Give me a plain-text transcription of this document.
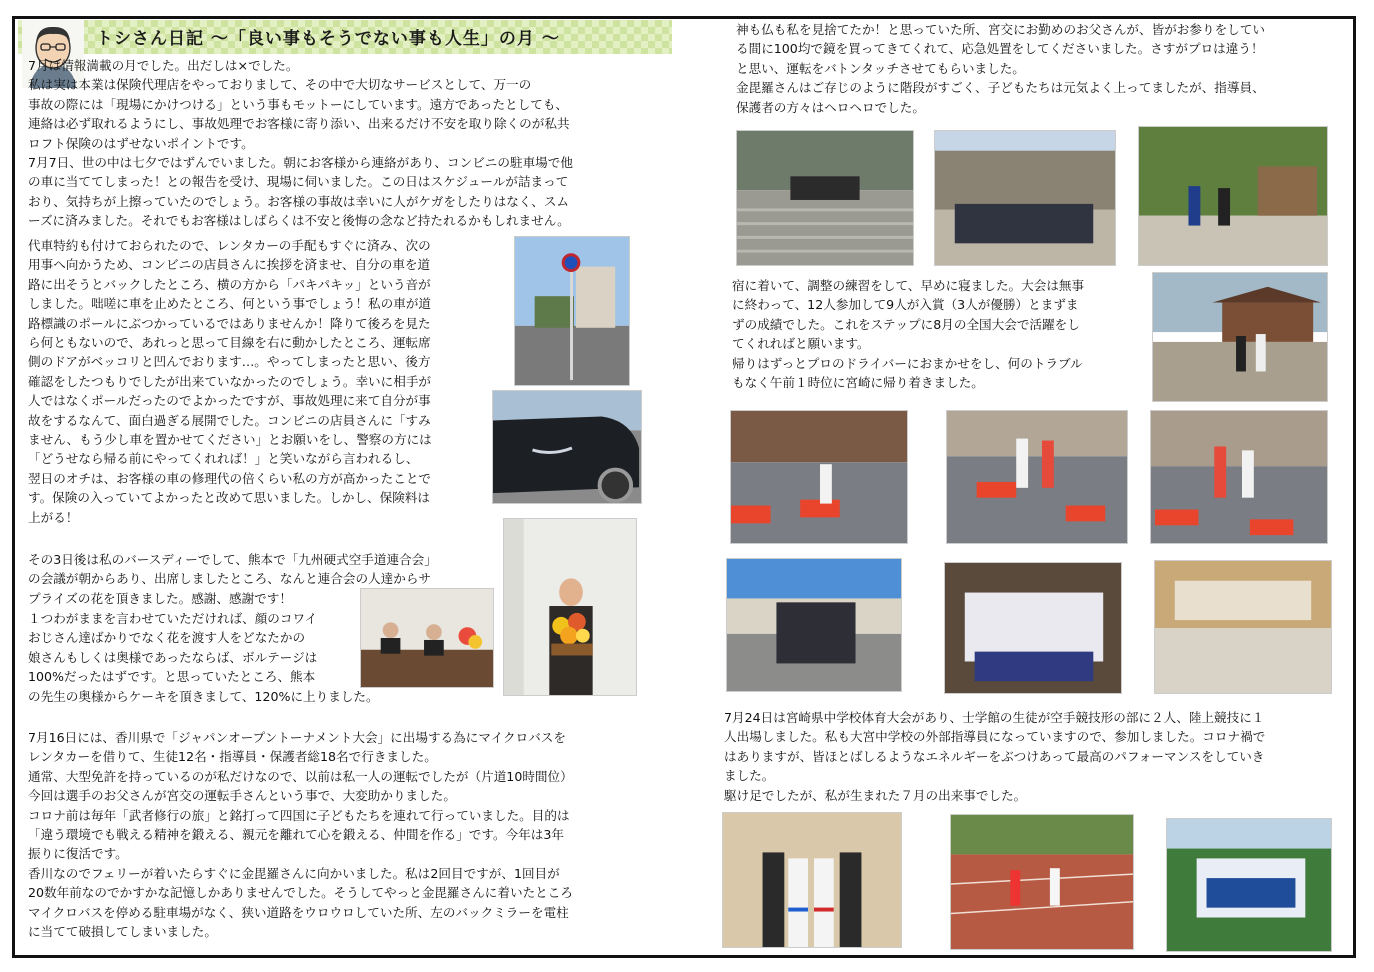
トシさん日記 〜「良い事もそうでない事も人生」の月 〜

7月は情報満載の月でした。出だしは×でした。
私は実は本業は保険代理店をやっておりまして、その中で大切なサービスとして、万一の
事故の際には「現場にかけつける」という事もモットーにしています。遠方であったとしても、
連絡は必ず取れるようにし、事故処理でお客様に寄り添い、出来るだけ不安を取り除くのが私共
ロフト保険のはずせないポイントです。
7月7日、世の中は七夕ではずんでいました。朝にお客様から連絡があり、コンビニの駐車場で他
の車に当ててしまった！との報告を受け、現場に伺いました。この日はスケジュールが詰まって
おり、気持ちが上擦っていたのでしょう。お客様の事故は幸いに人がケガをしたりはなく、スム
ーズに済みました。それでもお客様はしばらくは不安と後悔の念など持たれるかもしれません。

代車特約も付けておられたので、レンタカーの手配もすぐに済み、次の
用事へ向かうため、コンビニの店員さんに挨拶を済ませ、自分の車を道
路に出そうとバックしたところ、横の方から「パキパキッ」という音が
しました。咄嗟に車を止めたところ、何という事でしょう！私の車が道
路標識のポールにぶつかっているではありませんか！降りて後ろを見た
ら何ともないので、あれっと思って目線を右に動かしたところ、運転席
側のドアがベッコリと凹んでおります…。やってしまったと思い、後方
確認をしたつもりでしたが出来ていなかったのでしょう。幸いに相手が
人ではなくポールだったのでよかったですが、事故処理に来て自分が事
故をするなんて、面白過ぎる展開でした。コンビニの店員さんに「すみ
ません、もう少し車を置かせてください」とお願いをし、警察の方には
「どうせなら帰る前にやってくれれば！」と笑いながら言われるし、
翌日のオチは、お客様の車の修理代の倍くらい私の方が高かったことで
す。保険の入っていてよかったと改めて思いました。しかし、保険料は
上がる！

その3日後は私のバースディーでして、熊本で「九州硬式空手道連合会」
の会議が朝からあり、出席しましたところ、なんと連合会の人達からサ
プライズの花を頂きました。感謝、感謝です！

１つわがままを言わせていただければ、顔のコワイ
おじさん達ばかりでなく花を渡す人をどなたかの
娘さんもしくは奥様であったならば、ボルテージは
100%だったはずです。と思っていたところ、熊本
の先生の奥様からケーキを頂きまして、120%に上りました。

7月16日には、香川県で「ジャパンオープントーナメント大会」に出場する為にマイクロバスを
レンタカーを借りて、生徒12名・指導員・保護者総18名で行きました。
通常、大型免許を持っているのが私だけなので、以前は私一人の運転でしたが（片道10時間位）
今回は選手のお父さんが宮交の運転手さんという事で、大変助かりました。
コロナ前は毎年「武者修行の旅」と銘打って四国に子どもたちを連れて行っていました。目的は
「違う環境でも戦える精神を鍛える、親元を離れて心を鍛える、仲間を作る」です。今年は3年
振りに復活です。
香川なのでフェリーが着いたらすぐに金毘羅さんに向かいました。私は2回目ですが、1回目が
20数年前なのでかすかな記憶しかありませんでした。そうしてやっと金毘羅さんに着いたところ
マイクロバスを停める駐車場がなく、狭い道路をウロウロしていた所、左のバックミラーを電柱
に当てて破損してしまいました。

神も仏も私を見捨てたか！と思っていた所、宮交にお勤めのお父さんが、皆がお参りをしてい
る間に100均で鏡を買ってきてくれて、応急処置をしてくださいました。さすがプロは違う！
と思い、運転をバトンタッチさせてもらいました。
金毘羅さんはご存じのように階段がすごく、子どもたちは元気よく上ってましたが、指導員、
保護者の方々はヘロヘロでした。

宿に着いて、調整の練習をして、早めに寝ました。大会は無事
に終わって、12人参加して9人が入賞（3人が優勝）とまずま
ずの成績でした。これをステップに8月の全国大会で活躍をし
てくれればと願います。
帰りはずっとプロのドライバーにおまかせをし、何のトラブル
もなく午前１時位に宮崎に帰り着きました。

7月24日は宮崎県中学校体育大会があり、士学館の生徒が空手競技形の部に２人、陸上競技に１
人出場しました。私も大宮中学校の外部指導員になっていますので、参加しました。コロナ禍で
はありますが、皆ほとばしるようなエネルギーをぶつけあって最高のパフォーマンスをしていき
ました。
駆け足でしたが、私が生まれた７月の出来事でした。
